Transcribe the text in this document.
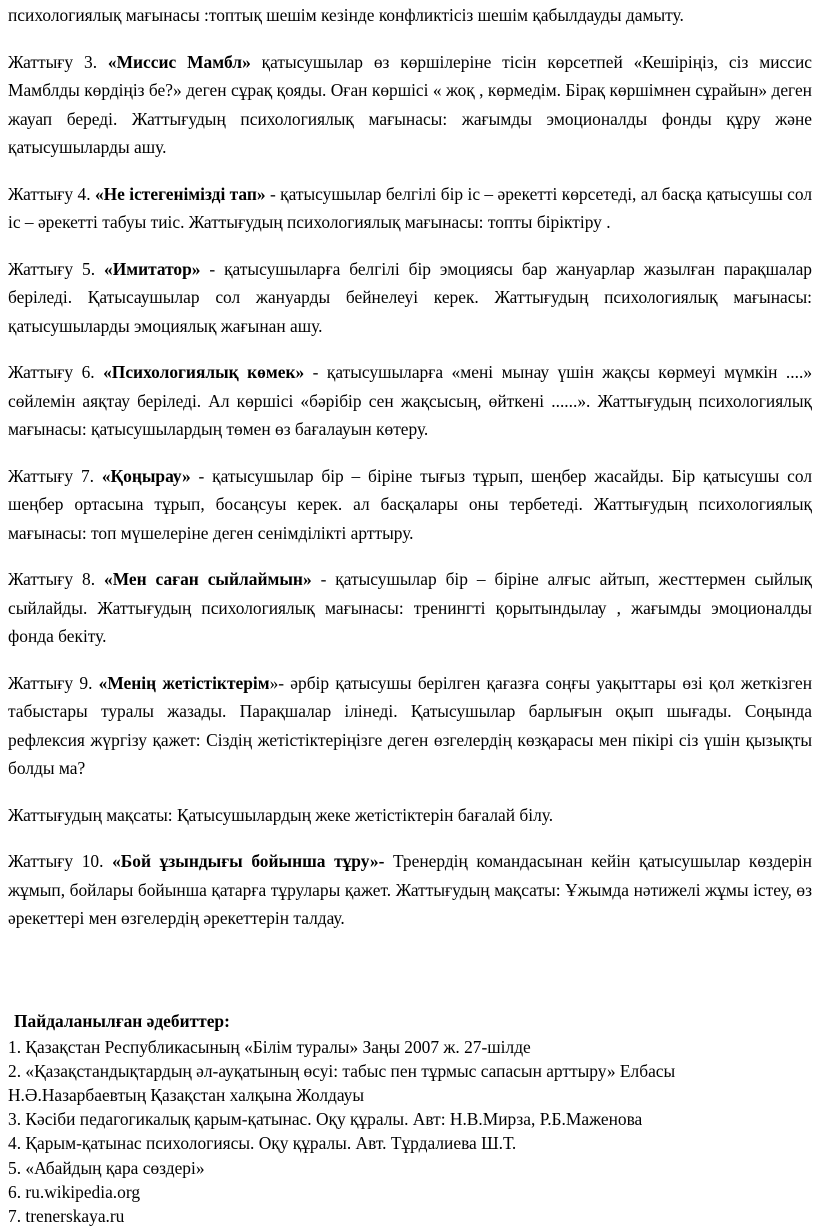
психологиялық мағынасы :топтық шешім кезінде конфликтісіз шешім қабылдауды дамыту.

Жаттығу 3. «Миссис Мамбл» қатысушылар өз көршілеріне тісін көрсетпей «Кешіріңіз, сіз миссис Мамблды көрдіңіз бе?» деген сұрақ қояды. Оған көршісі « жоқ , көрмедім. Бірақ көршімнен сұрайын» деген жауап береді. Жаттығудың психологиялық мағынасы: жағымды эмоционалды фонды құру және қатысушыларды ашу.

Жаттығу 4. «Не істегенімізді тап» - қатысушылар белгілі бір іс – әрекетті көрсетеді, ал басқа қатысушы сол іс – әрекетті табуы тиіс. Жаттығудың психологиялық мағынасы: топты біріктіру .

Жаттығу 5. «Имитатор» - қатысушыларға белгілі бір эмоциясы бар жануарлар жазылған парақшалар беріледі. Қатысаушылар сол жануарды бейнелеуі керек. Жаттығудың психологиялық мағынасы: қатысушыларды эмоциялық жағынан ашу.

Жаттығу 6. «Психологиялық көмек» - қатысушыларға «мені мынау үшін жақсы көрмеуі мүмкін ....» сөйлемін аяқтау беріледі. Ал көршісі «бәрібір сен жақсысың, өйткені ......». Жаттығудың психологиялық мағынасы: қатысушылардың төмен өз бағалауын көтеру.

Жаттығу 7. «Қоңырау» - қатысушылар бір – біріне тығыз тұрып, шеңбер жасайды. Бір қатысушы сол шеңбер ортасына тұрып, босаңсуы керек. ал басқалары оны тербетеді. Жаттығудың психологиялық мағынасы: топ мүшелеріне деген сенімділікті арттыру.

Жаттығу 8. «Мен саған сыйлаймын» - қатысушылар бір – біріне алғыс айтып, жесттермен сыйлық сыйлайды. Жаттығудың психологиялық мағынасы: тренингті қорытындылау , жағымды эмоционалды фонда бекіту.

Жаттығу 9. «Менің жетістіктерім»- әрбір қатысушы берілген қағазға соңғы уақыттары өзі қол жеткізген табыстары туралы жазады. Парақшалар ілінеді. Қатысушылар барлығын оқып шығады. Соңында рефлексия жүргізу қажет: Сіздің жетістіктеріңізге деген өзгелердің көзқарасы мен пікірі сіз үшін қызықты болды ма?

Жаттығудың мақсаты: Қатысушылардың жеке жетістіктерін бағалай білу.

Жаттығу 10. «Бой ұзындығы бойынша тұру»- Тренердің командасынан кейін қатысушылар көздерін жұмып, бойлары бойынша қатарға тұрулары қажет. Жаттығудың мақсаты: Ұжымда нәтижелі жұмы істеу, өз әрекеттері мен өзгелердің әрекеттерін талдау.

Пайдаланылған әдебиттер:
1. Қазақстан Республикасының «Білім туралы» Заңы 2007 ж. 27-шілде
2. «Қазақстандықтардың әл-ауқатының өсуі: табыс пен тұрмыс сапасын арттыру» Елбасы Н.Ә.Назарбаевтың Қазақстан халқына Жолдауы
3. Кәсіби педагогикалық қарым-қатынас. Оқу құралы. Авт: Н.В.Мирза, Р.Б.Маженова
4. Қарым-қатынас психологиясы. Оқу құралы. Авт. Тұрдалиева Ш.Т.
5. «Абайдың қара сөздері»
6. ru.wikipedia.org
7. trenerskaya.ru
